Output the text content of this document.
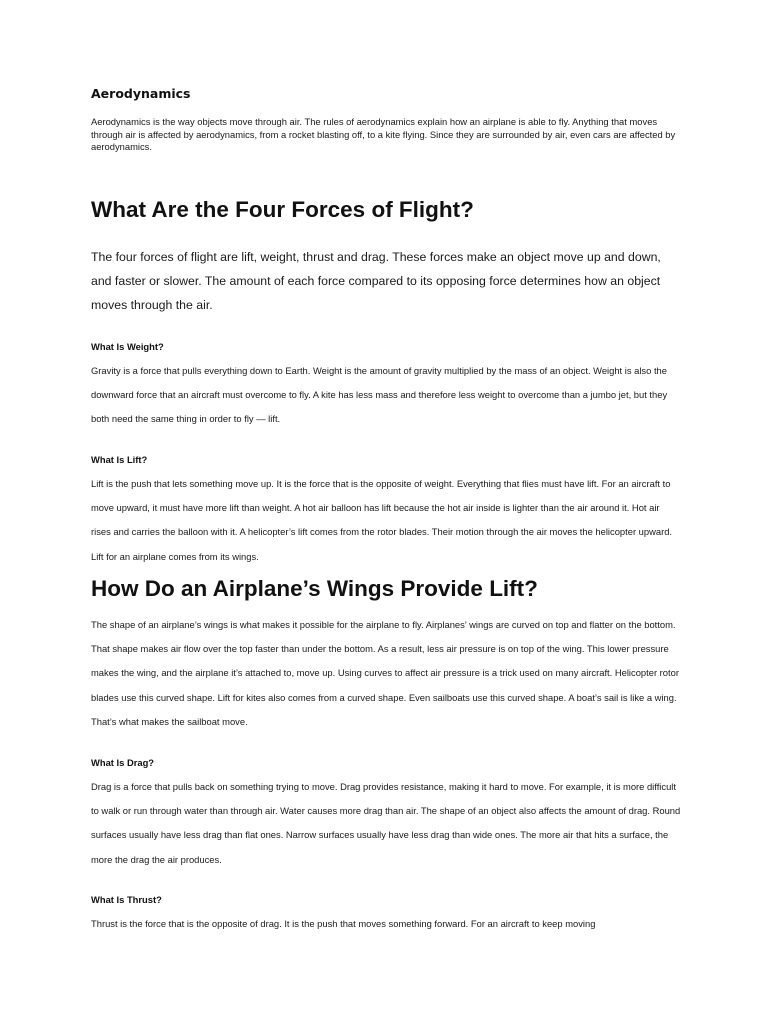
Aerodynamics

Aerodynamics is the way objects move through air. The rules of aerodynamics explain how an airplane is able to fly. Anything that moves through air is affected by aerodynamics, from a rocket blasting off, to a kite flying. Since they are surrounded by air, even cars are affected by aerodynamics.

What Are the Four Forces of Flight?

The four forces of flight are lift, weight, thrust and drag. These forces make an object move up and down, and faster or slower. The amount of each force compared to its opposing force determines how an object moves through the air.

What Is Weight?

Gravity is a force that pulls everything down to Earth. Weight is the amount of gravity multiplied by the mass of an object. Weight is also the downward force that an aircraft must overcome to fly. A kite has less mass and therefore less weight to overcome than a jumbo jet, but they both need the same thing in order to fly — lift.

What Is Lift?

Lift is the push that lets something move up. It is the force that is the opposite of weight. Everything that flies must have lift. For an aircraft to move upward, it must have more lift than weight. A hot air balloon has lift because the hot air inside is lighter than the air around it. Hot air rises and carries the balloon with it. A helicopter’s lift comes from the rotor blades. Their motion through the air moves the helicopter upward. Lift for an airplane comes from its wings.

How Do an Airplane’s Wings Provide Lift?

The shape of an airplane’s wings is what makes it possible for the airplane to fly. Airplanes’ wings are curved on top and flatter on the bottom. That shape makes air flow over the top faster than under the bottom. As a result, less air pressure is on top of the wing. This lower pressure makes the wing, and the airplane it’s attached to, move up. Using curves to affect air pressure is a trick used on many aircraft. Helicopter rotor blades use this curved shape. Lift for kites also comes from a curved shape. Even sailboats use this curved shape. A boat’s sail is like a wing. That’s what makes the sailboat move.

What Is Drag?

Drag is a force that pulls back on something trying to move. Drag provides resistance, making it hard to move. For example, it is more difficult to walk or run through water than through air. Water causes more drag than air. The shape of an object also affects the amount of drag. Round surfaces usually have less drag than flat ones. Narrow surfaces usually have less drag than wide ones. The more air that hits a surface, the more the drag the air produces.

What Is Thrust?

Thrust is the force that is the opposite of drag. It is the push that moves something forward. For an aircraft to keep moving
